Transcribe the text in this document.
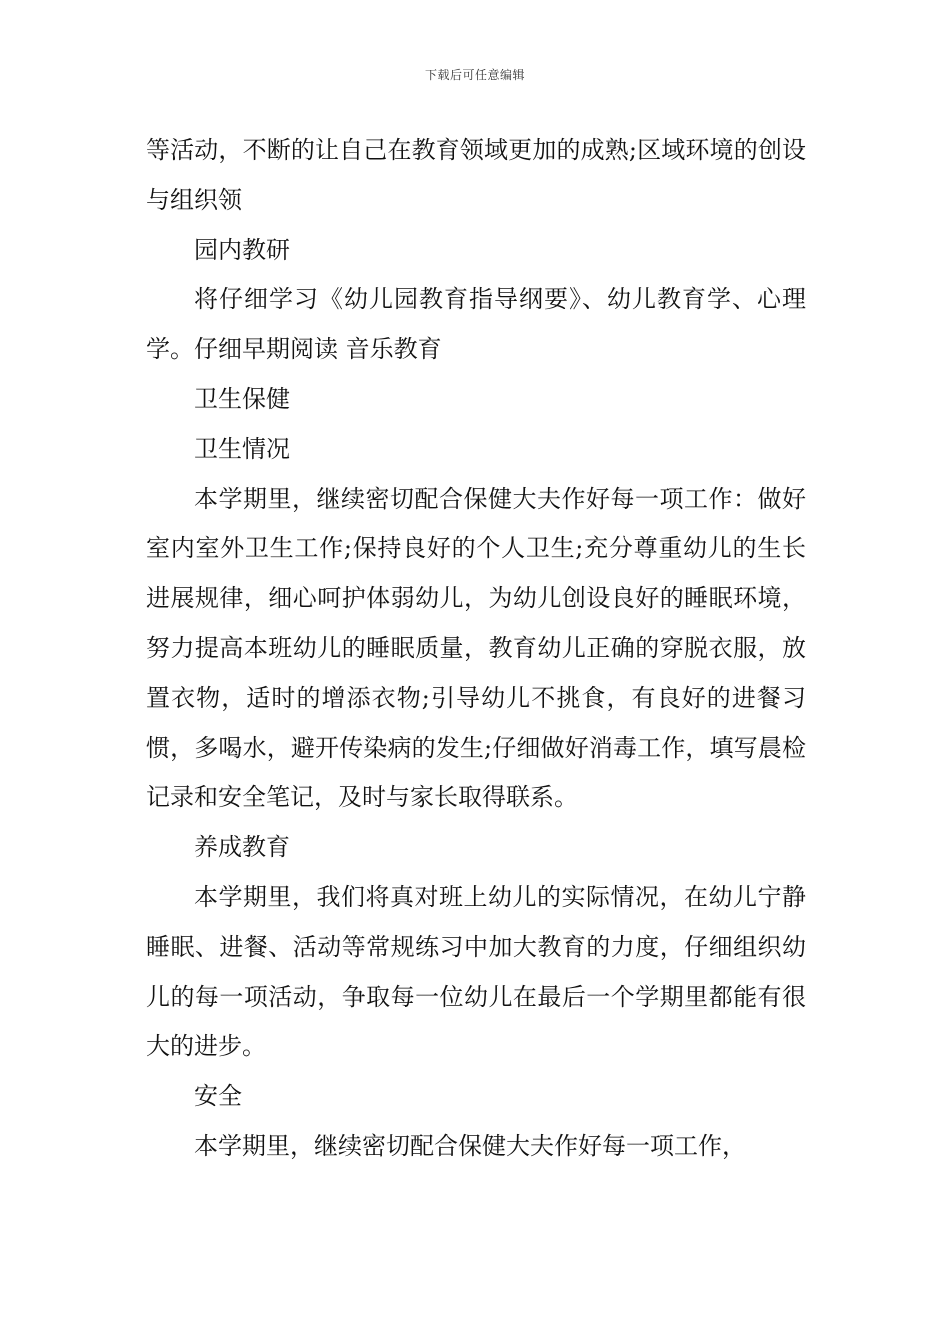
下载后可任意编辑

等活动，不断的让自己在教育领域更加的成熟;区域环境的创设与组织领

园内教研

将仔细学习《幼儿园教育指导纲要》、幼儿教育学、心理学。仔细早期阅读 音乐教育

卫生保健

卫生情况

本学期里，继续密切配合保健大夫作好每一项工作：做好室内室外卫生工作;保持良好的个人卫生;充分尊重幼儿的生长进展规律，细心呵护体弱幼儿，为幼儿创设良好的睡眠环境，努力提高本班幼儿的睡眠质量，教育幼儿正确的穿脱衣服，放置衣物，适时的增添衣物;引导幼儿不挑食，有良好的进餐习惯，多喝水，避开传染病的发生;仔细做好消毒工作，填写晨检记录和安全笔记，及时与家长取得联系。

养成教育

本学期里，我们将真对班上幼儿的实际情况，在幼儿宁静睡眠、进餐、活动等常规练习中加大教育的力度，仔细组织幼儿的每一项活动，争取每一位幼儿在最后一个学期里都能有很大的进步。

安全

本学期里，继续密切配合保健大夫作好每一项工作，
